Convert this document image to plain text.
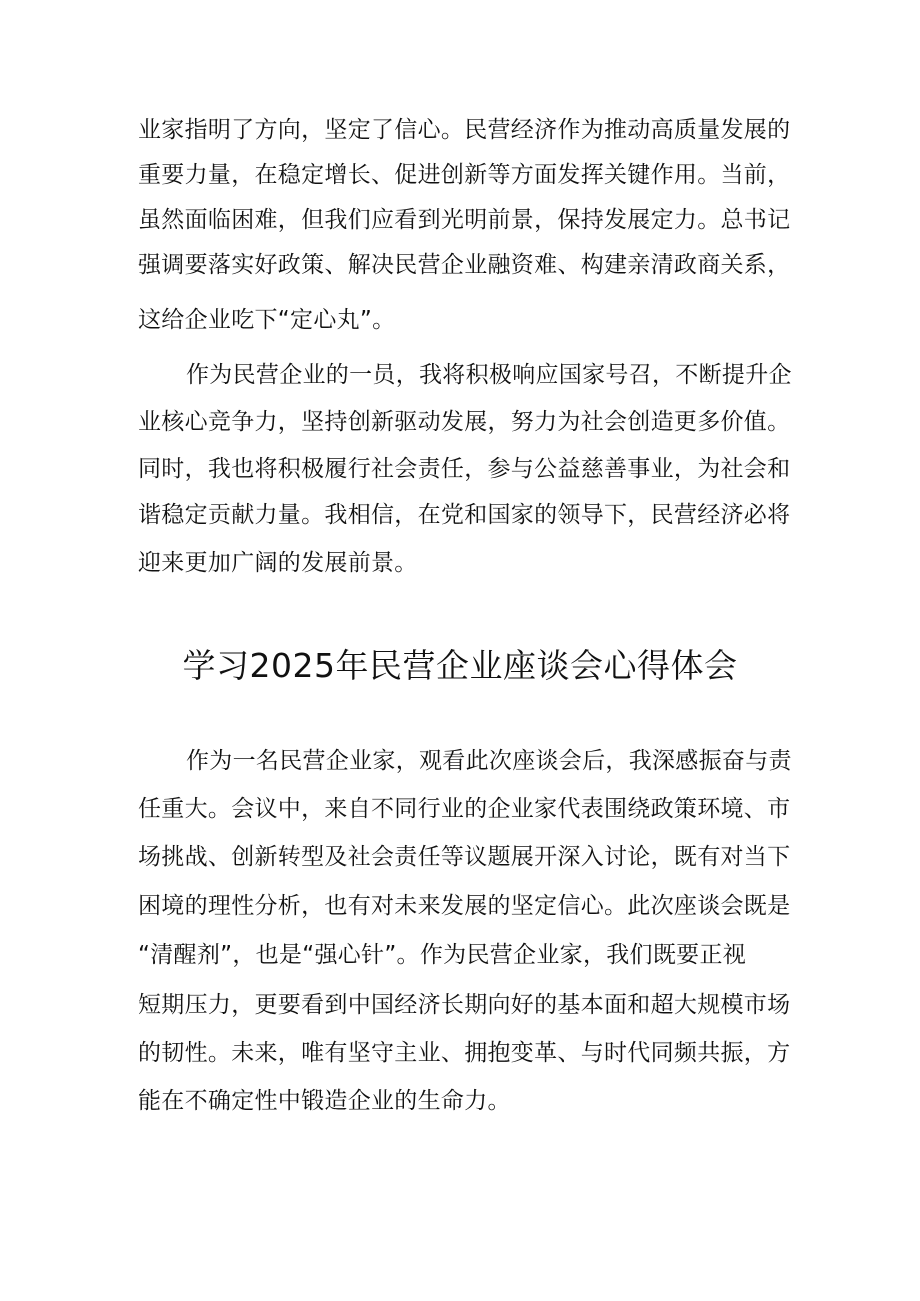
业家指明了方向，坚定了信心。民营经济作为推动高质量发展的
重要力量，在稳定增长、促进创新等方面发挥关键作用。当前，
虽然面临困难，但我们应看到光明前景，保持发展定力。总书记
强调要落实好政策、解决民营企业融资难、构建亲清政商关系，
这给企业吃下“定心丸”。
作为民营企业的一员，我将积极响应国家号召，不断提升企
业核心竞争力，坚持创新驱动发展，努力为社会创造更多价值。
同时，我也将积极履行社会责任，参与公益慈善事业，为社会和
谐稳定贡献力量。我相信，在党和国家的领导下，民营经济必将
迎来更加广阔的发展前景。
学习2025年民营企业座谈会心得体会
作为一名民营企业家，观看此次座谈会后，我深感振奋与责
任重大。会议中，来自不同行业的企业家代表围绕政策环境、市
场挑战、创新转型及社会责任等议题展开深入讨论，既有对当下
困境的理性分析，也有对未来发展的坚定信心。此次座谈会既是
“清醒剂”，也是“强心针”。作为民营企业家，我们既要正视
短期压力，更要看到中国经济长期向好的基本面和超大规模市场
的韧性。未来，唯有坚守主业、拥抱变革、与时代同频共振，方
能在不确定性中锻造企业的生命力。
